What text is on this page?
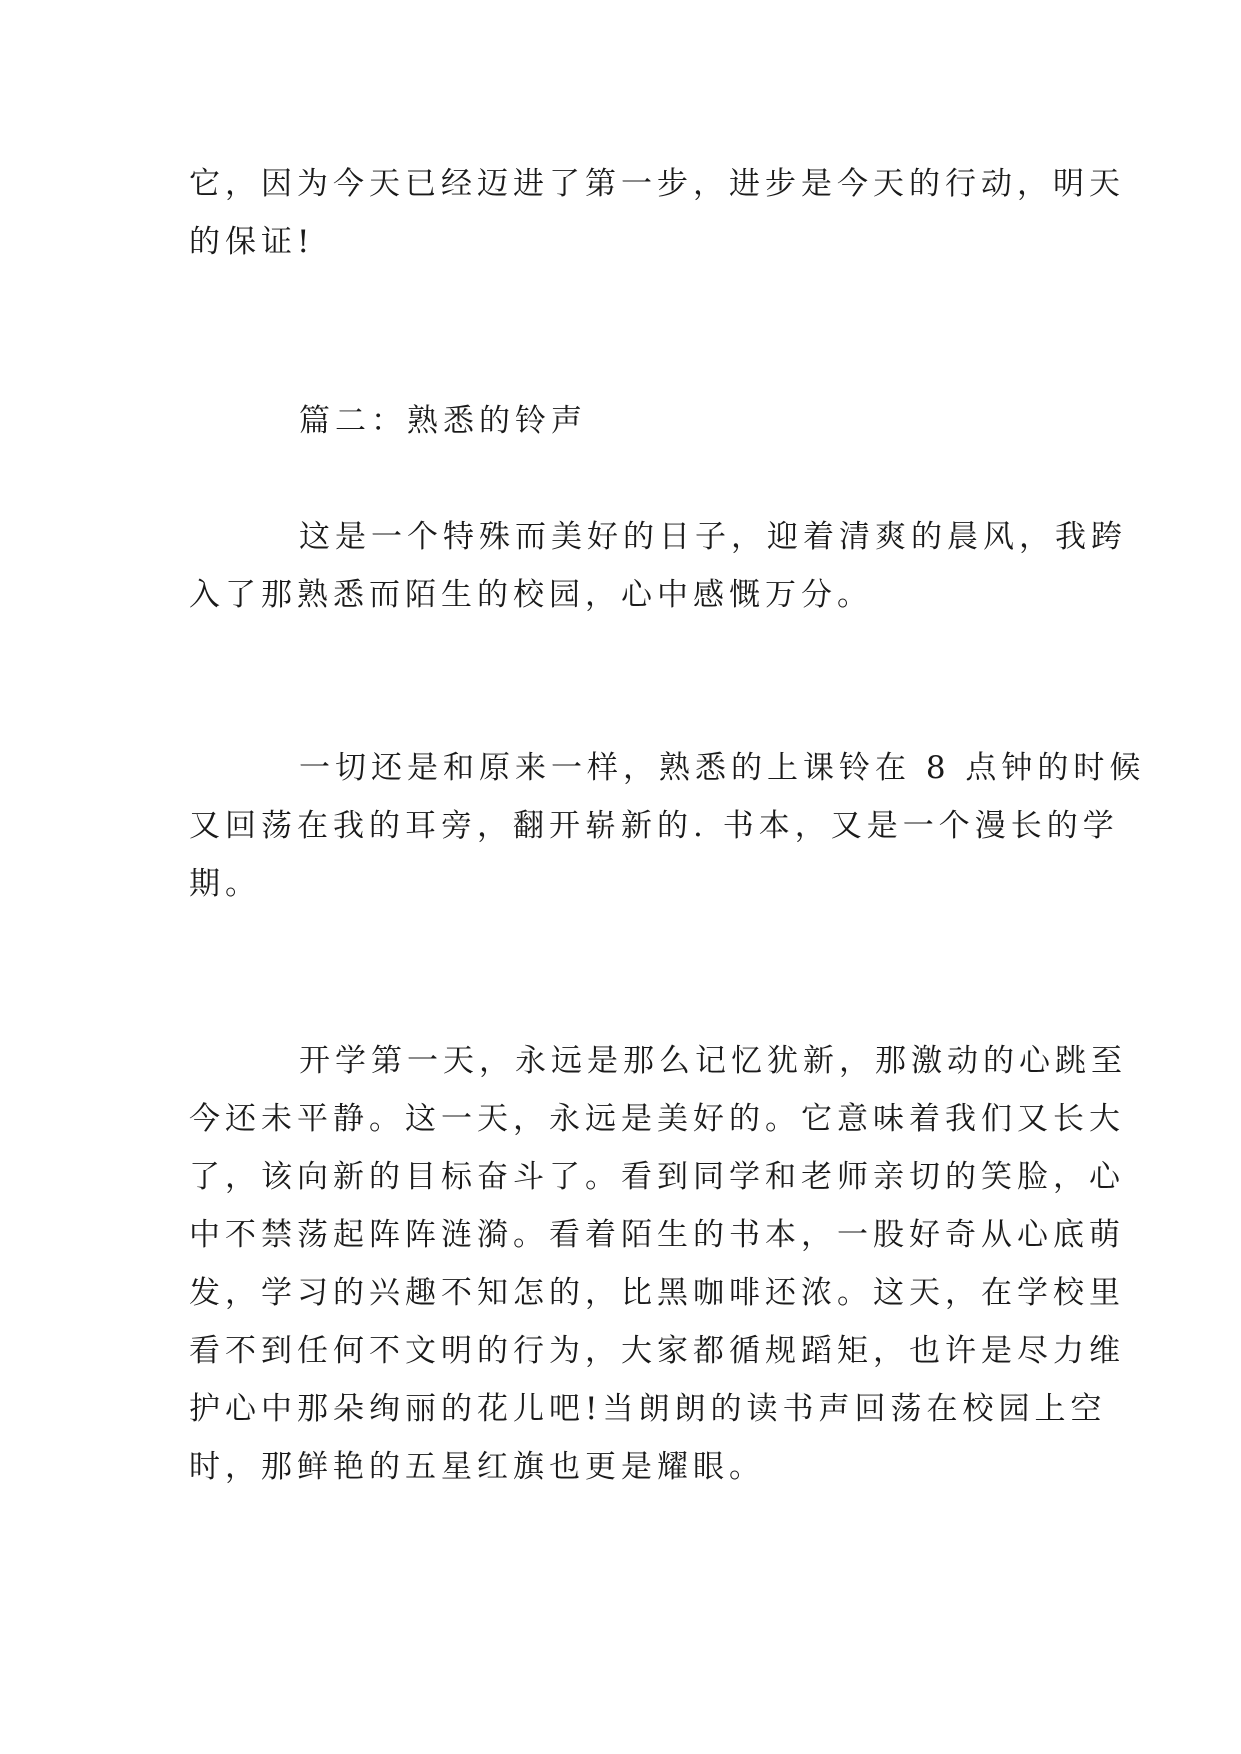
它，因为今天已经迈进了第一步，进步是今天的行动，明天
的保证!

篇二：熟悉的铃声

这是一个特殊而美好的日子，迎着清爽的晨风，我跨
入了那熟悉而陌生的校园，心中感慨万分。

一切还是和原来一样，熟悉的上课铃在 8 点钟的时候
又回荡在我的耳旁，翻开崭新的. 书本，又是一个漫长的学
期。

开学第一天，永远是那么记忆犹新，那激动的心跳至
今还未平静。这一天，永远是美好的。它意味着我们又长大
了，该向新的目标奋斗了。看到同学和老师亲切的笑脸，心
中不禁荡起阵阵涟漪。看着陌生的书本，一股好奇从心底萌
发，学习的兴趣不知怎的，比黑咖啡还浓。这天，在学校里
看不到任何不文明的行为，大家都循规蹈矩，也许是尽力维
护心中那朵绚丽的花儿吧!当朗朗的读书声回荡在校园上空
时，那鲜艳的五星红旗也更是耀眼。
